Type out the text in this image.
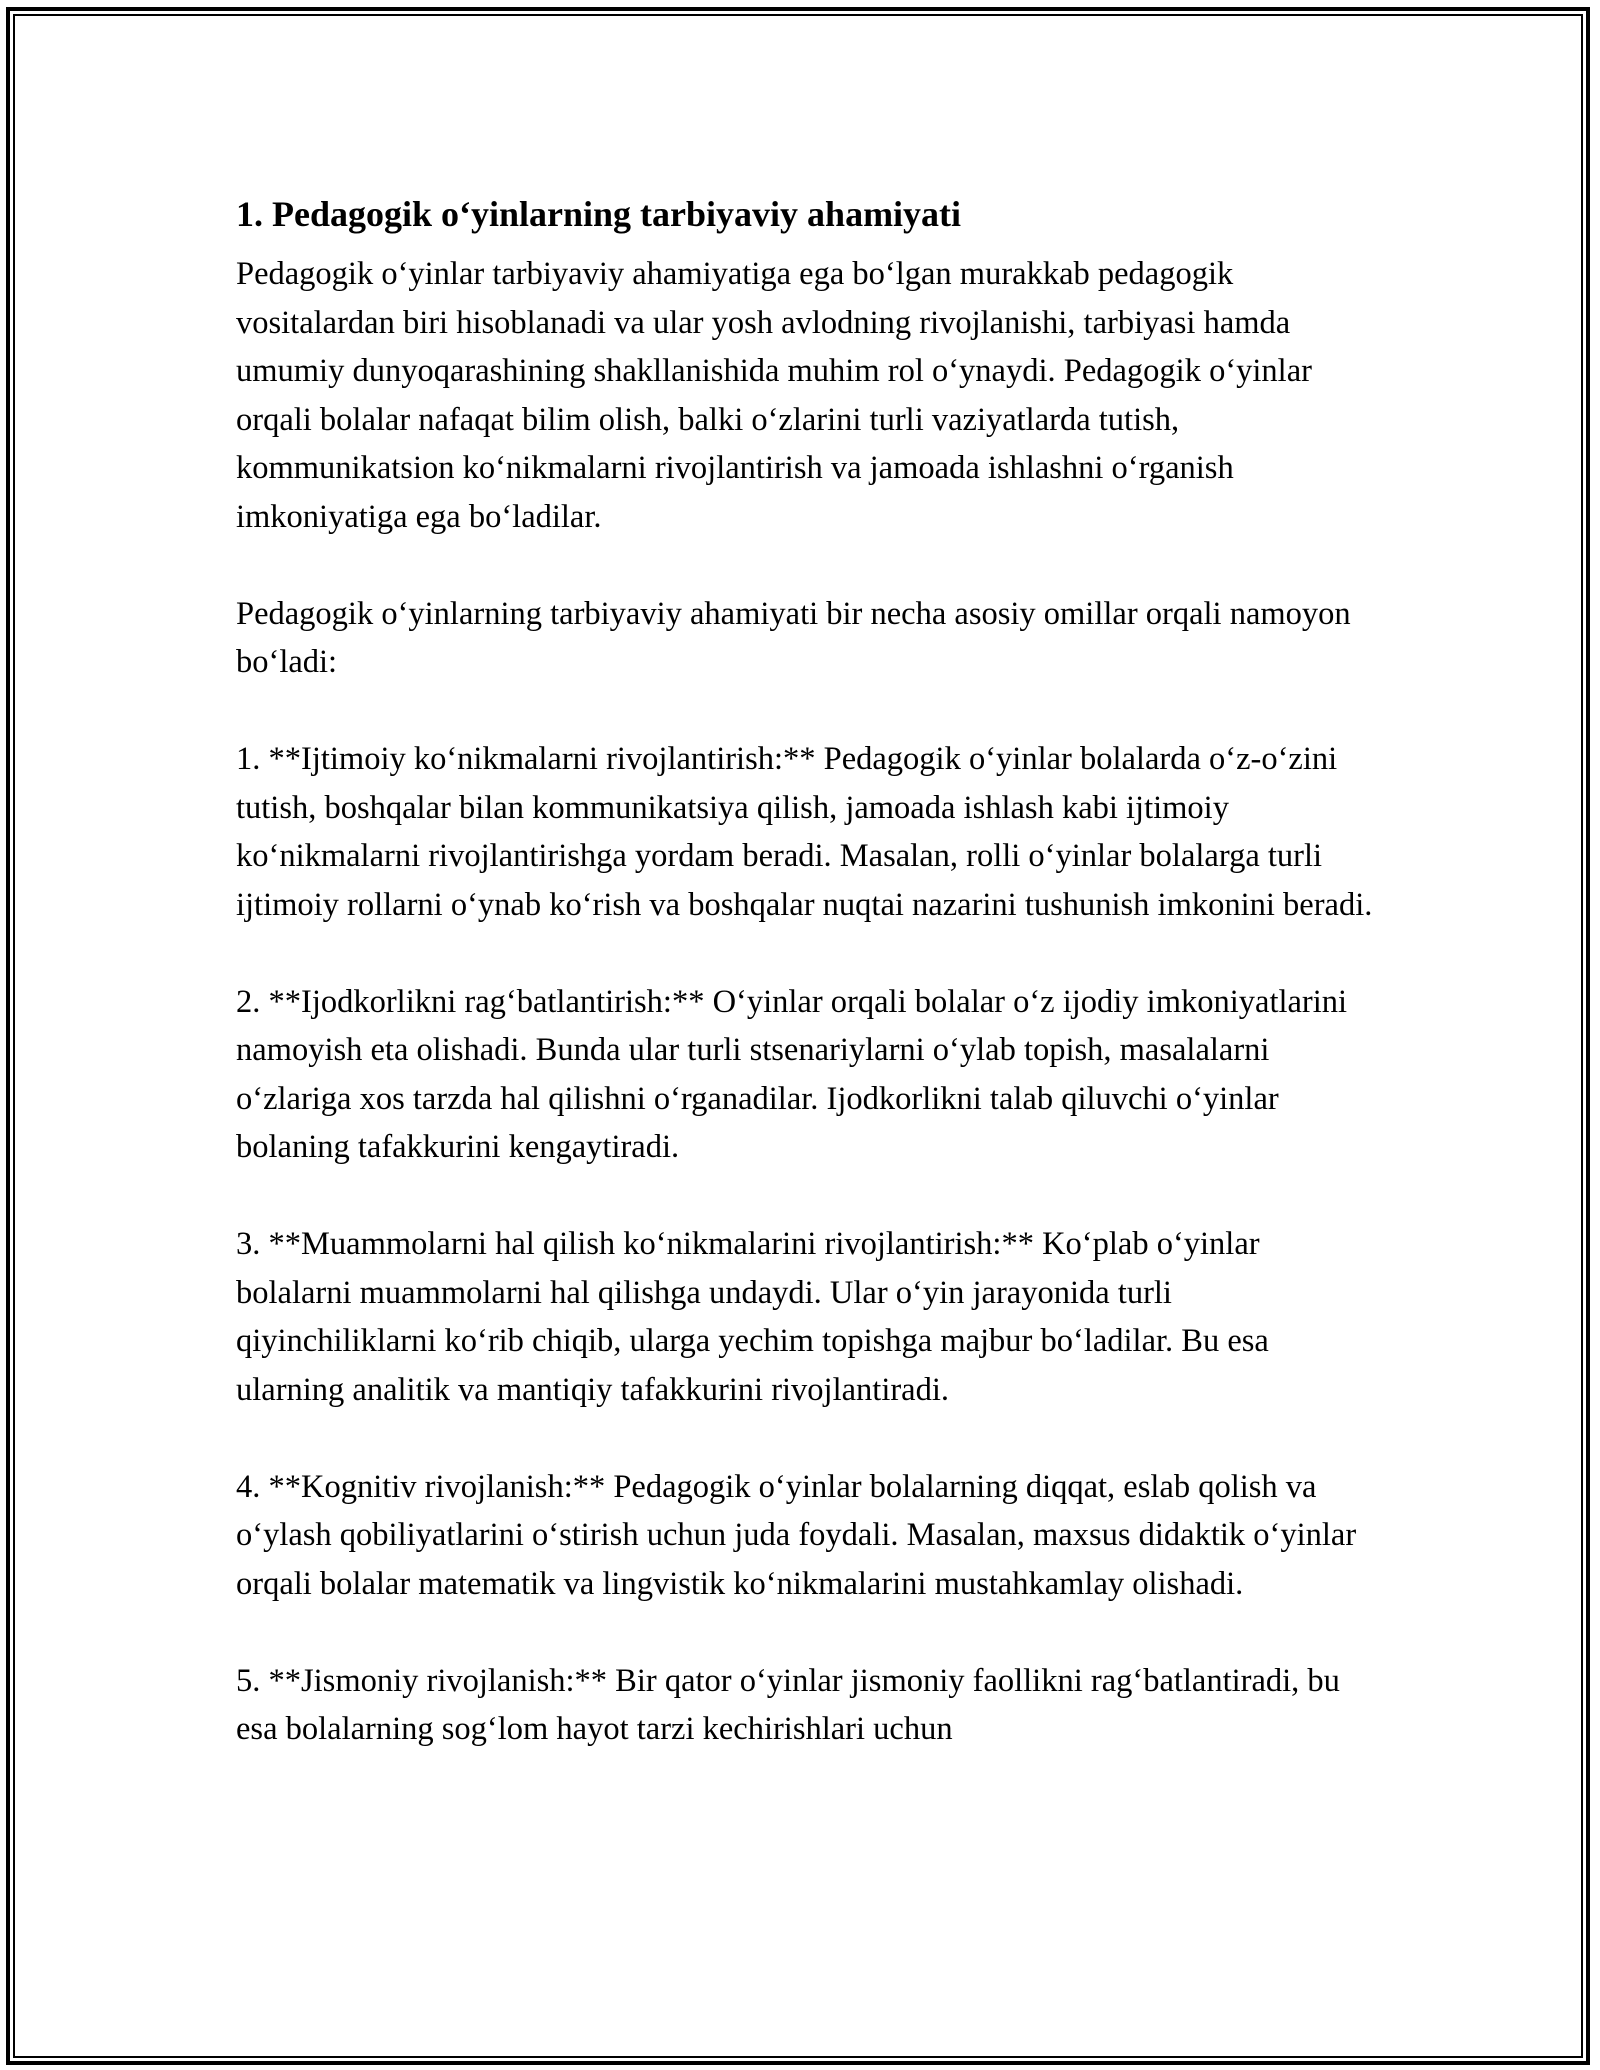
1. Pedagogik o‘yinlarning tarbiyaviy ahamiyati
Pedagogik o‘yinlar tarbiyaviy ahamiyatiga ega bo‘lgan murakkab pedagogik vositalardan biri hisoblanadi va ular yosh avlodning rivojlanishi, tarbiyasi hamda umumiy dunyoqarashining shakllanishida muhim rol o‘ynaydi. Pedagogik o‘yinlar orqali bolalar nafaqat bilim olish, balki o‘zlarini turli vaziyatlarda tutish, kommunikatsion ko‘nikmalarni rivojlantirish va jamoada ishlashni o‘rganish imkoniyatiga ega bo‘ladilar.
Pedagogik o‘yinlarning tarbiyaviy ahamiyati bir necha asosiy omillar orqali namoyon bo‘ladi:
1. **Ijtimoiy ko‘nikmalarni rivojlantirish:** Pedagogik o‘yinlar bolalarda o‘z-o‘zini tutish, boshqalar bilan kommunikatsiya qilish, jamoada ishlash kabi ijtimoiy ko‘nikmalarni rivojlantirishga yordam beradi. Masalan, rolli o‘yinlar bolalarga turli ijtimoiy rollarni o‘ynab ko‘rish va boshqalar nuqtai nazarini tushunish imkonini beradi.
2. **Ijodkorlikni rag‘batlantirish:** O‘yinlar orqali bolalar o‘z ijodiy imkoniyatlarini namoyish eta olishadi. Bunda ular turli stsenariylarni o‘ylab topish, masalalarni o‘zlariga xos tarzda hal qilishni o‘rganadilar. Ijodkorlikni talab qiluvchi o‘yinlar bolaning tafakkurini kengaytiradi.
3. **Muammolarni hal qilish ko‘nikmalarini rivojlantirish:** Ko‘plab o‘yinlar bolalarni muammolarni hal qilishga undaydi. Ular o‘yin jarayonida turli qiyinchiliklarni ko‘rib chiqib, ularga yechim topishga majbur bo‘ladilar. Bu esa ularning analitik va mantiqiy tafakkurini rivojlantiradi.
4. **Kognitiv rivojlanish:** Pedagogik o‘yinlar bolalarning diqqat, eslab qolish va o‘ylash qobiliyatlarini o‘stirish uchun juda foydali. Masalan, maxsus didaktik o‘yinlar orqali bolalar matematik va lingvistik ko‘nikmalarini mustahkamlay olishadi.
5. **Jismoniy rivojlanish:** Bir qator o‘yinlar jismoniy faollikni rag‘batlantiradi, bu esa bolalarning sog‘lom hayot tarzi kechirishlari uchun
